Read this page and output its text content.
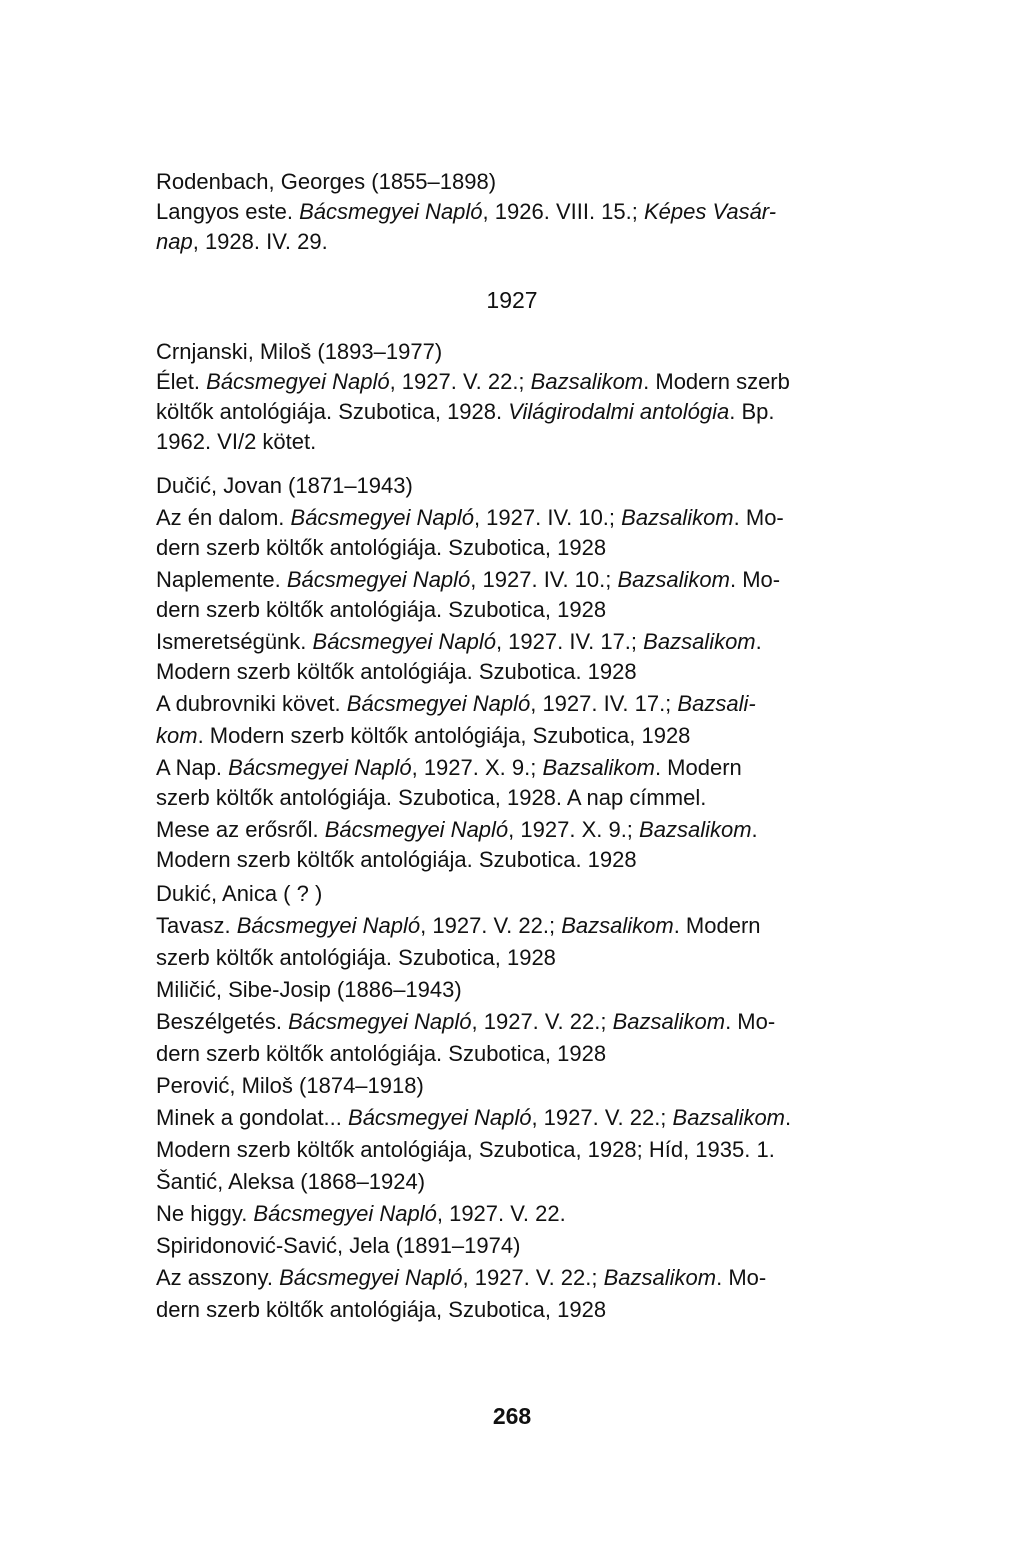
Rodenbach, Georges (1855–1898)
Langyos este. Bácsmegyei Napló, 1926. VIII. 15.; Képes Vasár-
nap, 1928. IV. 29.
1927
Crnjanski, Miloš (1893–1977)
Élet. Bácsmegyei Napló, 1927. V. 22.; Bazsalikom. Modern szerb
költők antológiája. Szubotica, 1928. Világirodalmi antológia. Bp.
1962. VI/2 kötet.
Dučić, Jovan (1871–1943)
Az én dalom. Bácsmegyei Napló, 1927. IV. 10.; Bazsalikom. Mo-
dern szerb költők antológiája. Szubotica, 1928
Naplemente. Bácsmegyei Napló, 1927. IV. 10.; Bazsalikom. Mo-
dern szerb költők antológiája. Szubotica, 1928
Ismeretségünk. Bácsmegyei Napló, 1927. IV. 17.; Bazsalikom.
Modern szerb költők antológiája. Szubotica. 1928
A dubrovniki követ. Bácsmegyei Napló, 1927. IV. 17.; Bazsali-
kom. Modern szerb költők antológiája, Szubotica, 1928
A Nap. Bácsmegyei Napló, 1927. X. 9.; Bazsalikom. Modern
szerb költők antológiája. Szubotica, 1928. A nap címmel.
Mese az erősről. Bácsmegyei Napló, 1927. X. 9.; Bazsalikom.
Modern szerb költők antológiája. Szubotica. 1928
Dukić, Anica ( ? )
Tavasz. Bácsmegyei Napló, 1927. V. 22.; Bazsalikom. Modern
szerb költők antológiája. Szubotica, 1928
Miličić, Sibe-Josip (1886–1943)
Beszélgetés. Bácsmegyei Napló, 1927. V. 22.; Bazsalikom. Mo-
dern szerb költők antológiája. Szubotica, 1928
Perović, Miloš (1874–1918)
Minek a gondolat... Bácsmegyei Napló, 1927. V. 22.; Bazsalikom.
Modern szerb költők antológiája, Szubotica, 1928; Híd, 1935. 1.
Šantić, Aleksa (1868–1924)
Ne higgy. Bácsmegyei Napló, 1927. V. 22.
Spiridonović-Savić, Jela (1891–1974)
Az asszony. Bácsmegyei Napló, 1927. V. 22.; Bazsalikom. Mo-
dern szerb költők antológiája, Szubotica, 1928
268
